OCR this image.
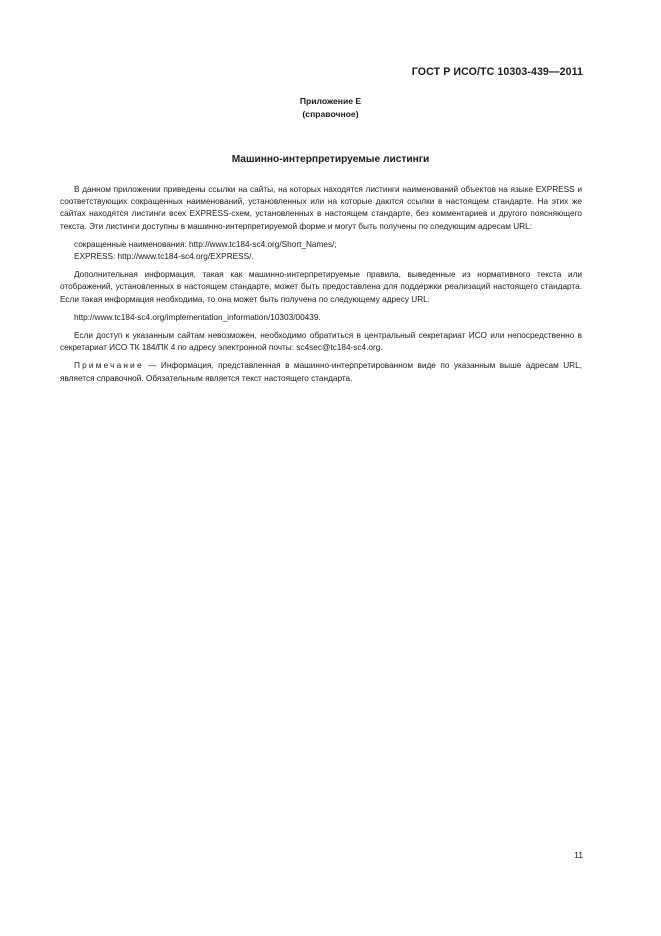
ГОСТ Р ИСО/ТС 10303-439—2011
Приложение Е
(справочное)
Машинно-интерпретируемые листинги

В данном приложении приведены ссылки на сайты, на которых находятся листинги наименований объектов на языке EXPRESS и соответствующих сокращенных наименований, установленных или на которые даются ссылки в настоящем стандарте. На этих же сайтах находятся листинги всех EXPRESS-схем, установленных в настоящем стандарте, без комментариев и другого поясняющего текста. Эти листинги доступны в машинно-интерпретируемой форме и могут быть получены по следующим адресам URL:

сокращенные наименования: http://www.tc184-sc4.org/Short_Names/;
EXPRESS: http://www.tc184-sc4.org/EXPRESS/.

Дополнительная информация, такая как машинно-интерпретируемые правила, выведенные из нормативного текста или отображений, установленных в настоящем стандарте, может быть предоставлена для поддержки реализаций настоящего стандарта. Если такая информация необходима, то она может быть получена по следующему адресу URL:

http://www.tc184-sc4.org/implementation_information/10303/00439.

Если доступ к указанным сайтам невозможен, необходимо обратиться в центральный секретариат ИСО или непосредственно в секретариат ИСО ТК 184/ПК 4 по адресу электронной почты: sc4sec@tc184-sc4.org.

Примечание — Информация, представленная в машинно-интерпретированном виде по указанным выше адресам URL, является справочной. Обязательным является текст настоящего стандарта.

11
